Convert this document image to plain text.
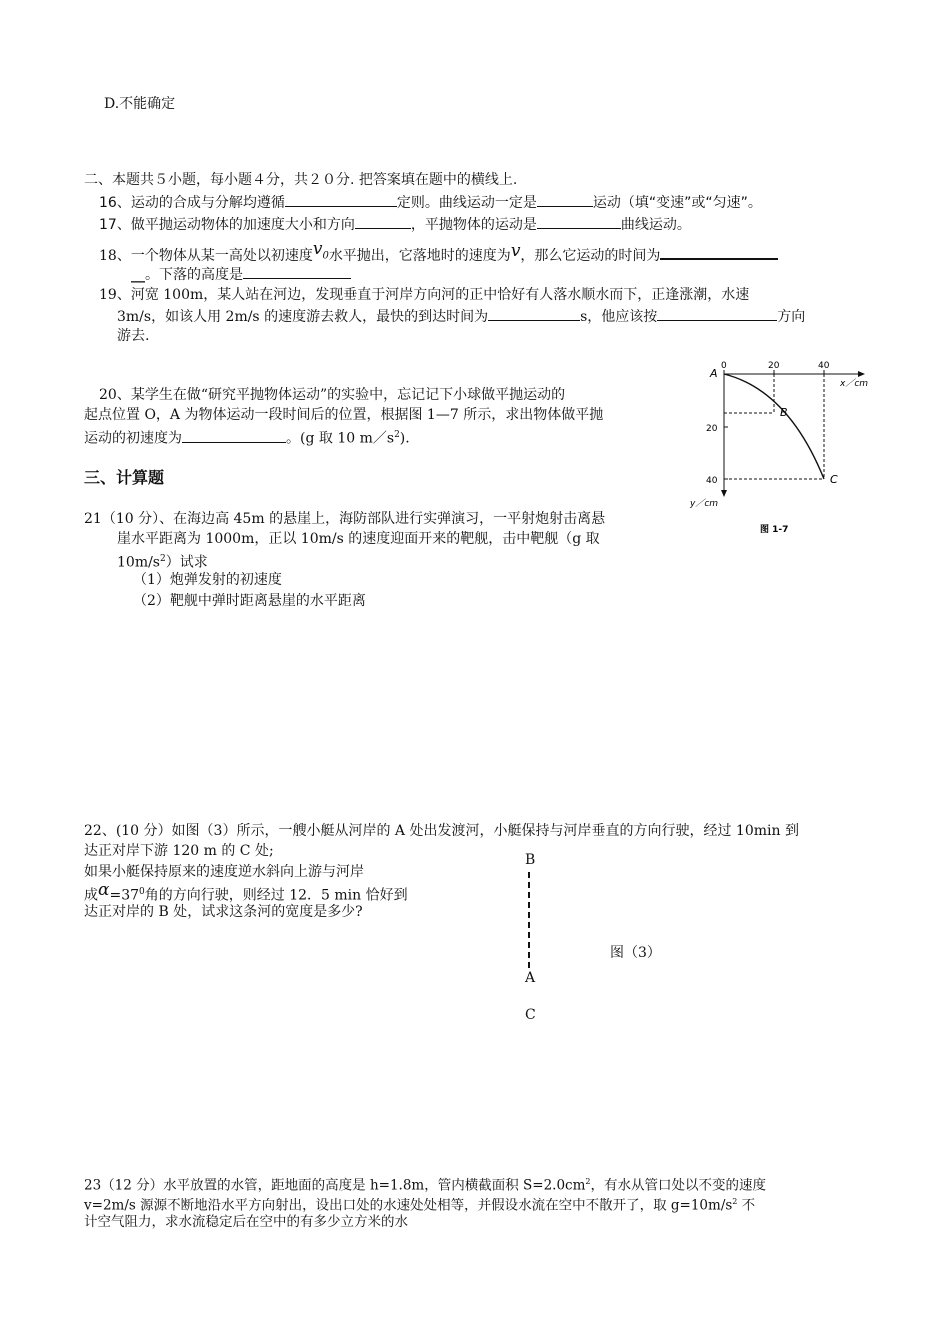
D.不能确定
二、本题共５小题，每小题４分，共２０分. 把答案填在题中的横线上.
16、运动的合成与分解均遵循	定则。曲线运动一定是	运动（填“变速”或“匀速”。
17、做平抛运动物体的加速度大小和方向	，平抛物体的运动是	曲线运动。
18、一个物体从某一高处以初速度$v_0$水平抛出，它落地时的速度为v，那么它运动的时间为
__。下落的高度是
19、河宽 100m，某人站在河边，发现垂直于河岸方向河的正中恰好有人落水顺水而下，正逢涨潮，水速
3m/s，如该人用 2m/s 的速度游去救人，最快的到达时间为	s，他应该按	方向
游去.
20、某学生在做“研究平抛物体运动”的实验中，忘记记下小球做平抛运动的
起点位置 O，A 为物体运动一段时间后的位置，根据图 1—7 所示，求出物体做平抛
运动的初速度为	。(g 取 10 $m/s^2$).
A
B
C
0	20	40
x／cm
20
40
y／cm
图 1-7
三、计算题
21（10 分）、在海边高 45m 的悬崖上，海防部队进行实弹演习，一平射炮射击离悬
崖水平距离为 1000m，正以 10m/s 的速度迎面开来的靶舰，击中靶舰（g 取
$10m/s^2$）试求
（1）炮弹发射的初速度
（2）靶舰中弹时距离悬崖的水平距离
22、(10 分）如图（3）所示，一艘小艇从河岸的 A 处出发渡河，小艇保持与河岸垂直的方向行驶，经过 10min 到
达正对岸下游 120 m 的 C 处;
如果小艇保持原来的速度逆水斜向上游与河岸
成$\alpha=37^0$角的方向行驶，则经过 12．5 min 恰好到
达正对岸的 B 处，试求这条河的宽度是多少?
B
A
C
图（3）
23（12 分）水平放置的水管，距地面的高度是 h=1.8m，管内横截面积 $S=2.0cm^2$，有水从管口处以不变的速度
v=2m/s 源源不断地沿水平方向射出，设出口处的水速处处相等，并假设水流在空中不散开了，取 $g=10m/s^2$ 不
计空气阻力，求水流稳定后在空中的有多少立方米的水
